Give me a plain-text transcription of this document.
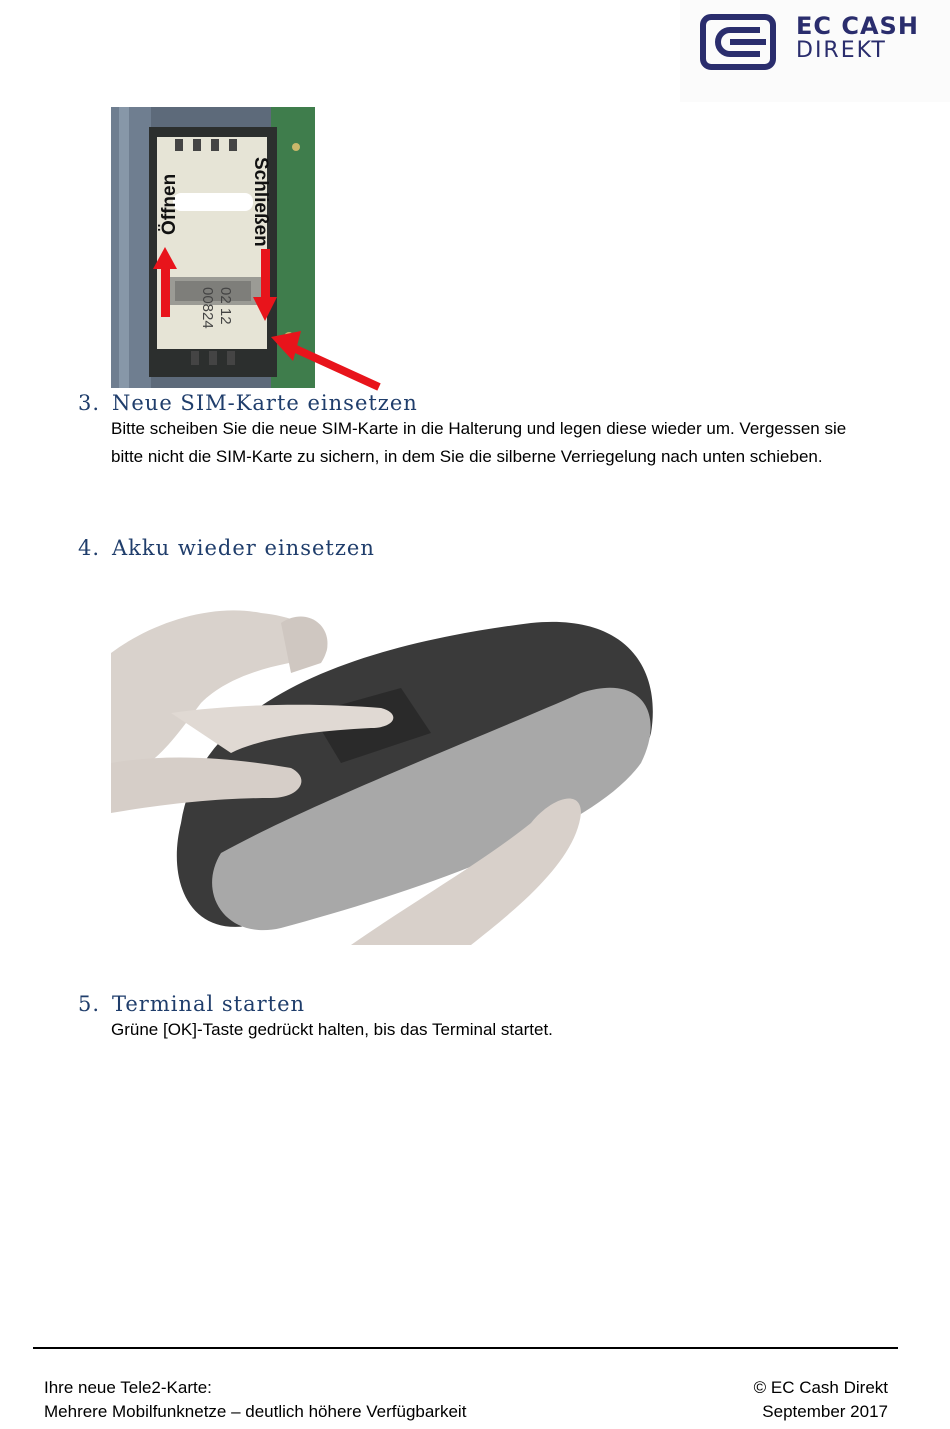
EC CASH
DIREKT
00824 02 12
Öffnen	Schließen
3. Neue SIM-Karte einsetzen
Bitte scheiben Sie die neue SIM-Karte in die Halterung und legen diese wieder um. Vergessen sie
bitte nicht die SIM-Karte zu sichern, in dem Sie die silberne Verriegelung nach unten schieben.
4. Akku wieder einsetzen
5. Terminal starten
Grüne [OK]-Taste gedrückt halten, bis das Terminal startet.
Ihre neue Tele2-Karte:
Mehrere Mobilfunknetze – deutlich höhere Verfügbarkeit
© EC Cash Direkt
September 2017
